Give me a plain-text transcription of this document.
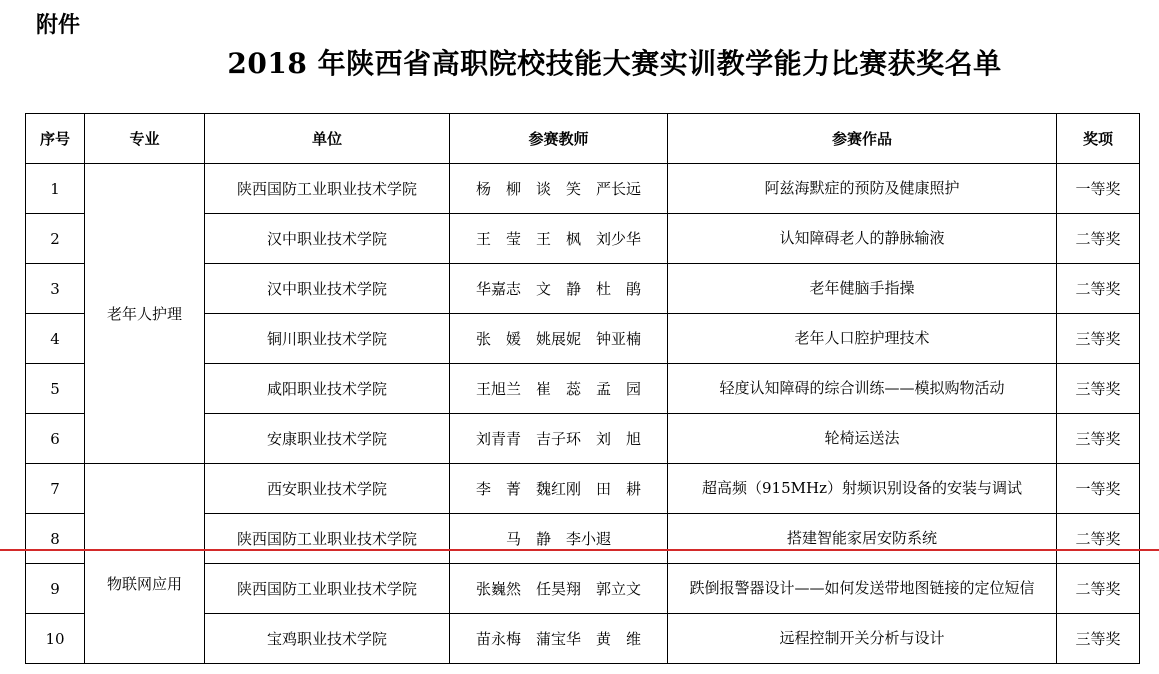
附件
2018 年陕西省高职院校技能大赛实训教学能力比赛获奖名单
序号	专业	单位	参赛教师	参赛作品	奖项
1	老年人护理	陕西国防工业职业技术学院	杨　柳　谈　笑　严长远	阿兹海默症的预防及健康照护	一等奖
2		汉中职业技术学院	王　莹　王　枫　刘少华	认知障碍老人的静脉输液	二等奖
3		汉中职业技术学院	华嘉志　文　静　杜　鹃	老年健脑手指操	二等奖
4		铜川职业技术学院	张　媛　姚展妮　钟亚楠	老年人口腔护理技术	三等奖
5		咸阳职业技术学院	王旭兰　崔　蕊　孟　园	轻度认知障碍的综合训练——模拟购物活动	三等奖
6		安康职业技术学院	刘青青　吉子环　刘　旭	轮椅运送法	三等奖
7	物联网应用	西安职业技术学院	李　菁　魏红刚　田　耕	超高频（915MHz）射频识别设备的安装与调试	一等奖
8		陕西国防工业职业技术学院	马　静　李小遐	搭建智能家居安防系统	二等奖
9		陕西国防工业职业技术学院	张巍然　任昊翔　郭立文	跌倒报警器设计——如何发送带地图链接的定位短信	二等奖
10		宝鸡职业技术学院	苗永梅　蒲宝华　黄　维	远程控制开关分析与设计	三等奖
